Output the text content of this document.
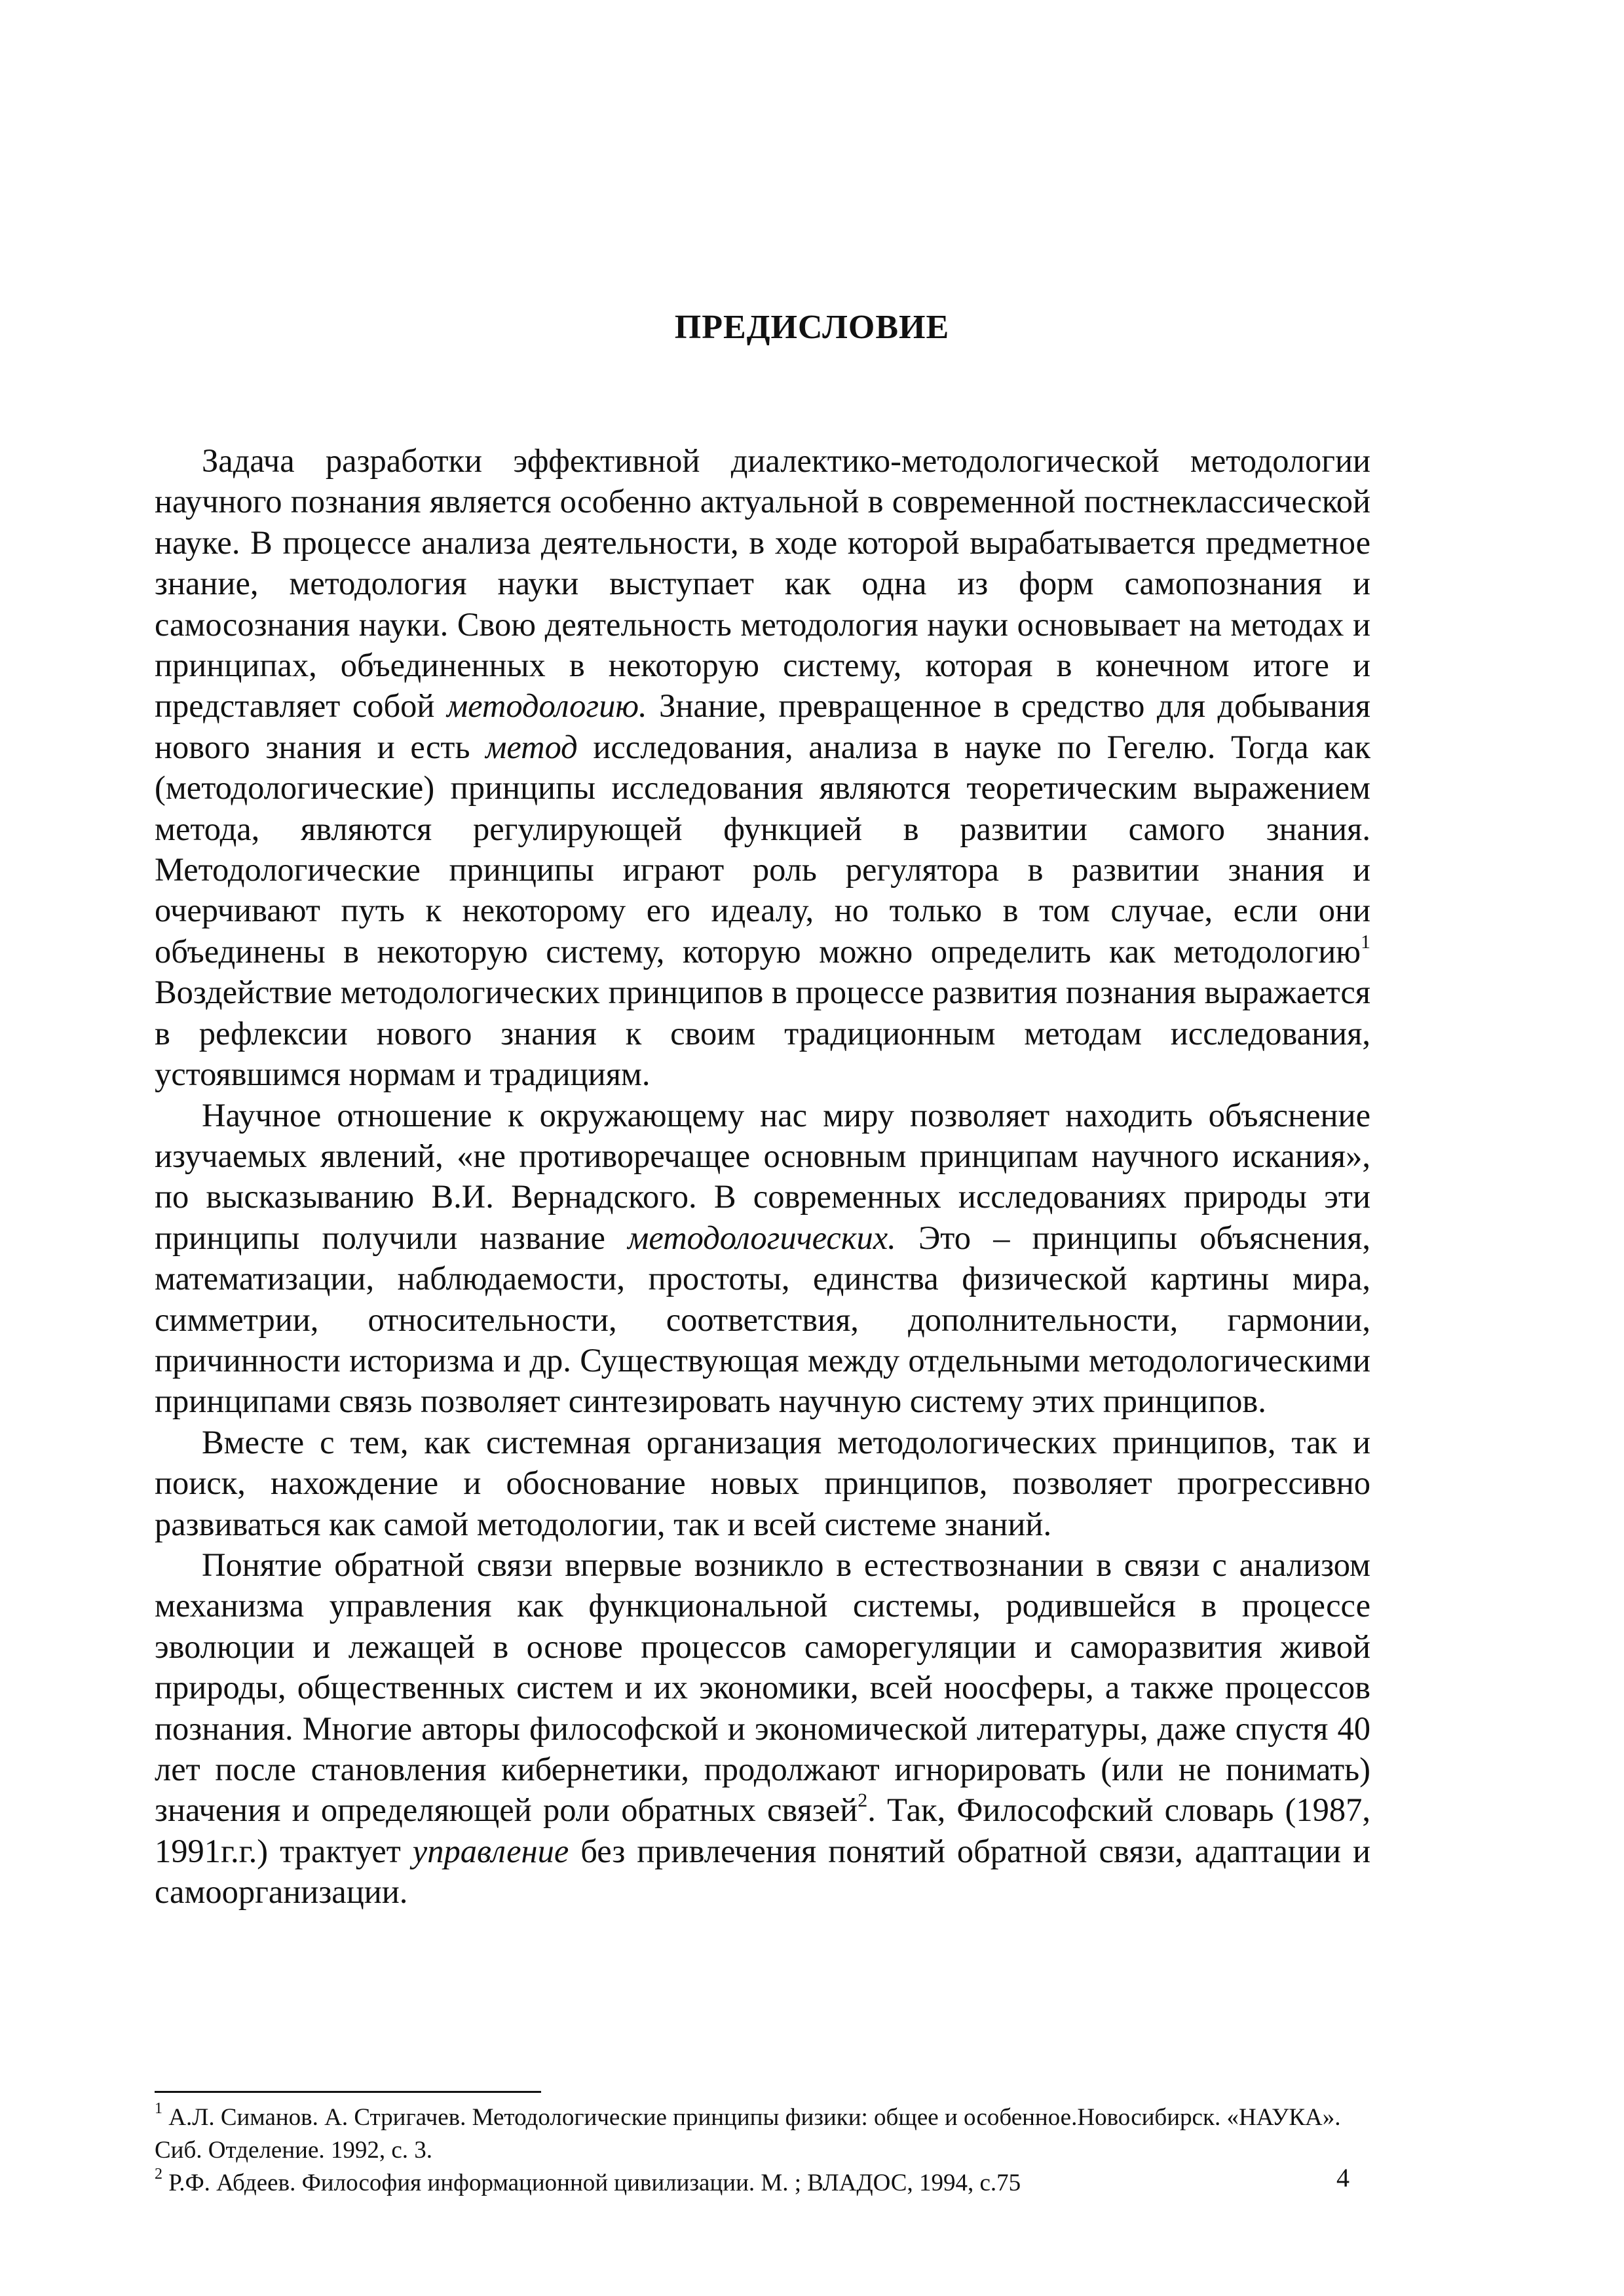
ПРЕДИСЛОВИЕ

Задача разработки эффективной диалектико-методологической методологии научного познания является особенно актуальной в современной постнеклассической науке. В процессе анализа деятельности, в ходе которой вырабатывается предметное знание, методология науки выступает как одна из форм самопознания и самосознания науки. Свою деятельность методология науки основывает на методах и принципах, объединенных в некоторую систему, которая в конечном итоге и представляет собой методологию. Знание, превращенное в средство для добывания нового знания и есть метод исследования, анализа в науке по Гегелю. Тогда как (методологические) принципы исследования являются теоретическим выражением метода, являются регулирующей функцией в развитии самого знания. Методологические принципы играют роль регулятора в развитии знания и очерчивают путь к некоторому его идеалу, но только в том случае, если они объединены в некоторую систему, которую можно определить как методологию$^1$ Воздействие методологических принципов в процессе развития познания выражается в рефлексии нового знания к своим традиционным методам исследования, устоявшимся нормам и традициям.

Научное отношение к окружающему нас миру позволяет находить объяснение изучаемых явлений, «не противоречащее основным принципам научного искания», по высказыванию В.И. Вернадского. В современных исследованиях природы эти принципы получили название методологических. Это – принципы объяснения, математизации, наблюдаемости, простоты, единства физической картины мира, симметрии, относительности, соответствия, дополнительности, гармонии, причинности историзма и др. Существующая между отдельными методологическими принципами связь позволяет синтезировать научную систему этих принципов.

Вместе с тем, как системная организация методологических принципов, так и поиск, нахождение и обоснование новых принципов, позволяет прогрессивно развиваться как самой методологии, так и всей системе знаний.

Понятие обратной связи впервые возникло в естествознании в связи с анализом механизма управления как функциональной системы, родившейся в процессе эволюции и лежащей в основе процессов саморегуляции и саморазвития живой природы, общественных систем и их экономики, всей ноосферы, а также процессов познания. Многие авторы философской и экономической литературы, даже спустя 40 лет после становления кибернетики, продолжают игнорировать (или не понимать) значения и определяющей роли обратных связей$^2$. Так, Философский словарь (1987, 1991г.г.) трактует управление без привлечения понятий обратной связи, адаптации и самоорганизации.

$^1$ А.Л. Симанов. А. Стригачев. Методологические принципы физики: общее и особенное.Новосибирск. «НАУКА». Сиб. Отделение. 1992, с. 3.
$^2$ Р.Ф. Абдеев. Философия информационной цивилизации. М. ; ВЛАДОС, 1994, с.75	4
